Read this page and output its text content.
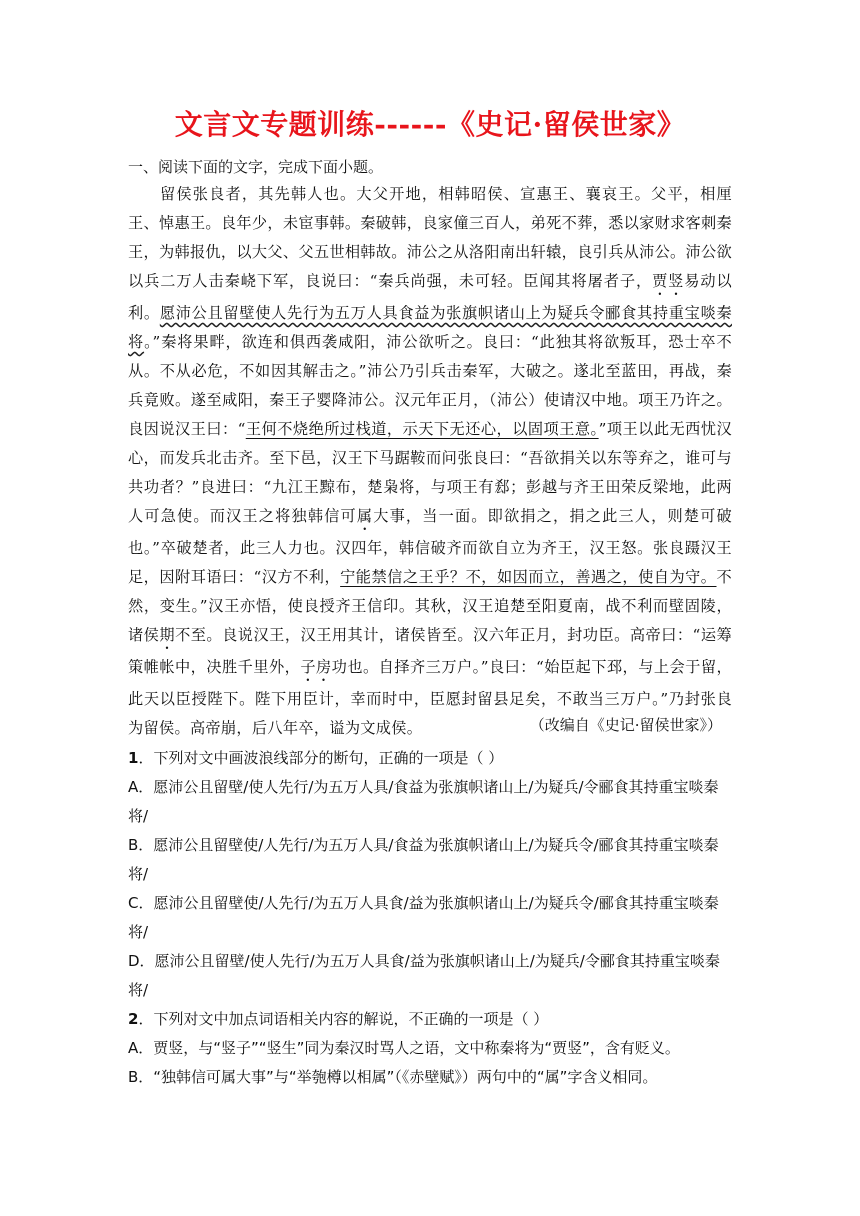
文言文专题训练------《史记·留侯世家》
一、阅读下面的文字，完成下面小题。

留侯张良者，其先韩人也。大父开地，相韩昭侯、宣惠王、襄哀王。父平，相厘王、悼惠王。良年少，未宦事韩。秦破韩，良家僮三百人，弟死不葬，悉以家财求客刺秦王，为韩报仇，以大父、父五世相韩故。沛公之从洛阳南出轩辕，良引兵从沛公。沛公欲以兵二万人击秦峣下军，良说曰：“秦兵尚强，未可轻。臣闻其将屠者子，贾竖易动以利。愿沛公且留壁使人先行为五万人具食益为张旗帜诸山上为疑兵令郦食其持重宝啖秦将。”秦将果畔，欲连和俱西袭咸阳，沛公欲听之。良曰：“此独其将欲叛耳，恐士卒不从。不从必危，不如因其解击之。”沛公乃引兵击秦军，大破之。遂北至蓝田，再战，秦兵竟败。遂至咸阳，秦王子婴降沛公。汉元年正月，（沛公）使请汉中地。项王乃许之。良因说汉王曰：“王何不烧绝所过栈道，示天下无还心，以固项王意。”项王以此无西忧汉心，而发兵北击齐。至下邑，汉王下马踞鞍而问张良曰：“吾欲捐关以东等弃之，谁可与共功者？”良进曰：“九江王黥布，楚枭将，与项王有郄；彭越与齐王田荣反梁地，此两人可急使。而汉王之将独韩信可属大事，当一面。即欲捐之，捐之此三人，则楚可破也。”卒破楚者，此三人力也。汉四年，韩信破齐而欲自立为齐王，汉王怒。张良蹑汉王足，因附耳语曰：“汉方不利，宁能禁信之王乎？不，如因而立，善遇之，使自为守。不然，变生。”汉王亦悟，使良授齐王信印。其秋，汉王追楚至阳夏南，战不利而壁固陵，诸侯期不至。良说汉王，汉王用其计，诸侯皆至。汉六年正月，封功臣。高帝曰：“运筹策帷帐中，决胜千里外，子房功也。自择齐三万户。”良曰：“始臣起下邳，与上会于留，此天以臣授陛下。陛下用臣计，幸而时中，臣愿封留县足矣，不敢当三万户。”乃封张良为留侯。高帝崩，后八年卒，谥为文成侯。	（改编自《史记·留侯世家》）

1．下列对文中画波浪线部分的断句，正确的一项是（ ）

A．愿沛公且留壁/使人先行/为五万人具/食益为张旗帜诸山上/为疑兵/令郦食其持重宝啖秦将/

B．愿沛公且留壁使/人先行/为五万人具/食益为张旗帜诸山上/为疑兵令/郦食其持重宝啖秦将/

C．愿沛公且留壁使/人先行/为五万人具食/益为张旗帜诸山上/为疑兵令/郦食其持重宝啖秦将/

D．愿沛公且留壁/使人先行/为五万人具食/益为张旗帜诸山上/为疑兵/令郦食其持重宝啖秦将/

2．下列对文中加点词语相关内容的解说，不正确的一项是（ ）

A．贾竖，与“竖子”“竖生”同为秦汉时骂人之语，文中称秦将为“贾竖”，含有贬义。

B．“独韩信可属大事”与“举匏樽以相属”（《赤壁赋》）两句中的“属”字含义相同。
